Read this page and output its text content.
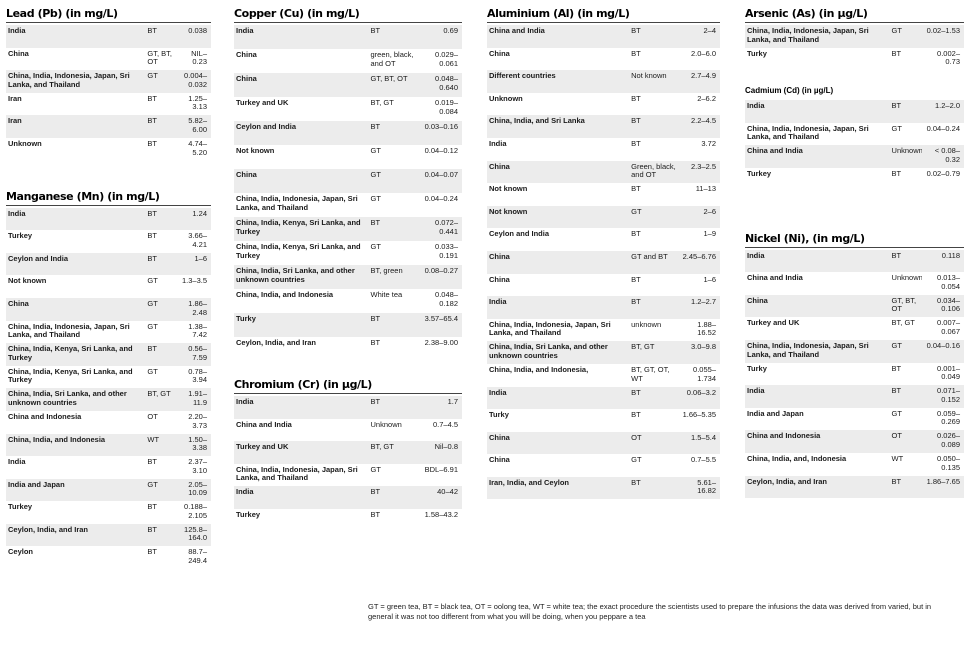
Lead (Pb) (in mg/L)
India	BT	0.038
China	GT, BT, OT	NIL–0.23
China, India, Indonesia, Japan, Sri Lanka, and Thailand	GT	0.004–0.032
Iran	BT	1.25–3.13
Iran	BT	5.82–6.00
Unknown	BT	4.74–5.20
Manganese (Mn) (in mg/L)
India	BT	1.24
Turkey	BT	3.66–4.21
Ceylon and India	BT	1–6
Not known	GT	1.3–3.5
China	GT	1.86–2.48
China, India, Indonesia, Japan, Sri Lanka, and Thailand	GT	1.38–7.42
China, India, Kenya, Sri Lanka, and Turkey	BT	0.56–7.59
China, India, Kenya, Sri Lanka, and Turkey	GT	0.78–3.94
China, India, Sri Lanka, and other unknown countries	BT, GT	1.91–11.9
China and Indonesia	OT	2.20–3.73
China, India, and Indonesia	WT	1.50–3.38
India	BT	2.37–3.10
India and Japan	GT	2.05–10.09
Turkey	BT	0.188–2.105
Ceylon, India, and Iran	BT	125.8–164.0
Ceylon	BT	88.7–249.4
Copper (Cu) (in mg/L)
India	BT	0.69
China	green, black, and OT	0.029–0.061
China	GT, BT, OT	0.048–0.640
Turkey and UK	BT, GT	0.019–0.084
Ceylon and India	BT	0.03–0.16
Not known	GT	0.04–0.12
China	GT	0.04–0.07
China, India, Indonesia, Japan, Sri Lanka, and Thailand	GT	0.04–0.24
China, India, Kenya, Sri Lanka, and Turkey	BT	0.072–0.441
China, India, Kenya, Sri Lanka, and Turkey	GT	0.033–0.191
China, India, Sri Lanka, and other unknown countries	BT, green	0.08–0.27
China, India, and Indonesia	White tea	0.048–0.182
Turky	BT	3.57–65.4
Ceylon, India, and Iran	BT	2.38–9.00
Chromium (Cr) (in µg/L)
India	BT	1.7
China and India	Unknown	0.7–4.5
Turkey and UK	BT, GT	Nil–0.8
China, India, Indonesia, Japan, Sri Lanka, and Thailand	GT	BDL–6.91
India	BT	40–42
Turkey	BT	1.58–43.2
Aluminium (Al) (in mg/L)
China and India	BT	2–4
China	BT	2.0–6.0
Different countries	Not known	2.7–4.9
Unknown	BT	2–6.2
China, India, and Sri Lanka	BT	2.2–4.5
India	BT	3.72
China	Green, black, and OT	2.3–2.5
Not known	BT	11–13
Not known	GT	2–6
Ceylon and India	BT	1–9
China	GT and BT	2.45–6.76
China	BT	1–6
India	BT	1.2–2.7
China, India, Indonesia, Japan, Sri Lanka, and Thailand	unknown	1.88–16.52
China, India, Sri Lanka, and other unknown countries	BT, GT	3.0–9.8
China, India, and Indonesia,	BT, GT, OT, WT	0.055–1.734
India	BT	0.06–3.2
Turky	BT	1.66–5.35
China	OT	1.5–5.4
China	GT	0.7–5.5
Iran, India, and Ceylon	BT	5.61–16.82
Arsenic (As) (in µg/L)
China, India, Indonesia, Japan, Sri Lanka, and Thailand	GT	0.02–1.53
Turky	BT	0.002–0.73
Cadmium (Cd) (in µg/L)
India	BT	1.2–2.0
China, India, Indonesia, Japan, Sri Lanka, and Thailand	GT	0.04–0.24
China and India	Unknown	< 0.08–0.32
Turkey	BT	0.02–0.79
Nickel (Ni), (in mg/L)
India	BT	0.118
China and India	Unknown	0.013–0.054
China	GT, BT, OT	0.034–0.106
Turkey and UK	BT, GT	0.007–0.067
China, India, Indonesia, Japan, Sri Lanka, and Thailand	GT	0.04–0.16
Turky	BT	0.001–0.049
India	BT	0.071–0.152
India and Japan	GT	0.059–0.269
China and Indonesia	OT	0.026–0.089
China, India, and, Indonesia	WT	0.050–0.135
Ceylon, India, and Iran	BT	1.86–7.65
GT = green tea, BT = black tea, OT = oolong tea, WT = white tea; the exact procedure the scientists used to prepare the infusions the data was derived from varied, but in general it was not too different from what you will be doing, when you peppare a tea
